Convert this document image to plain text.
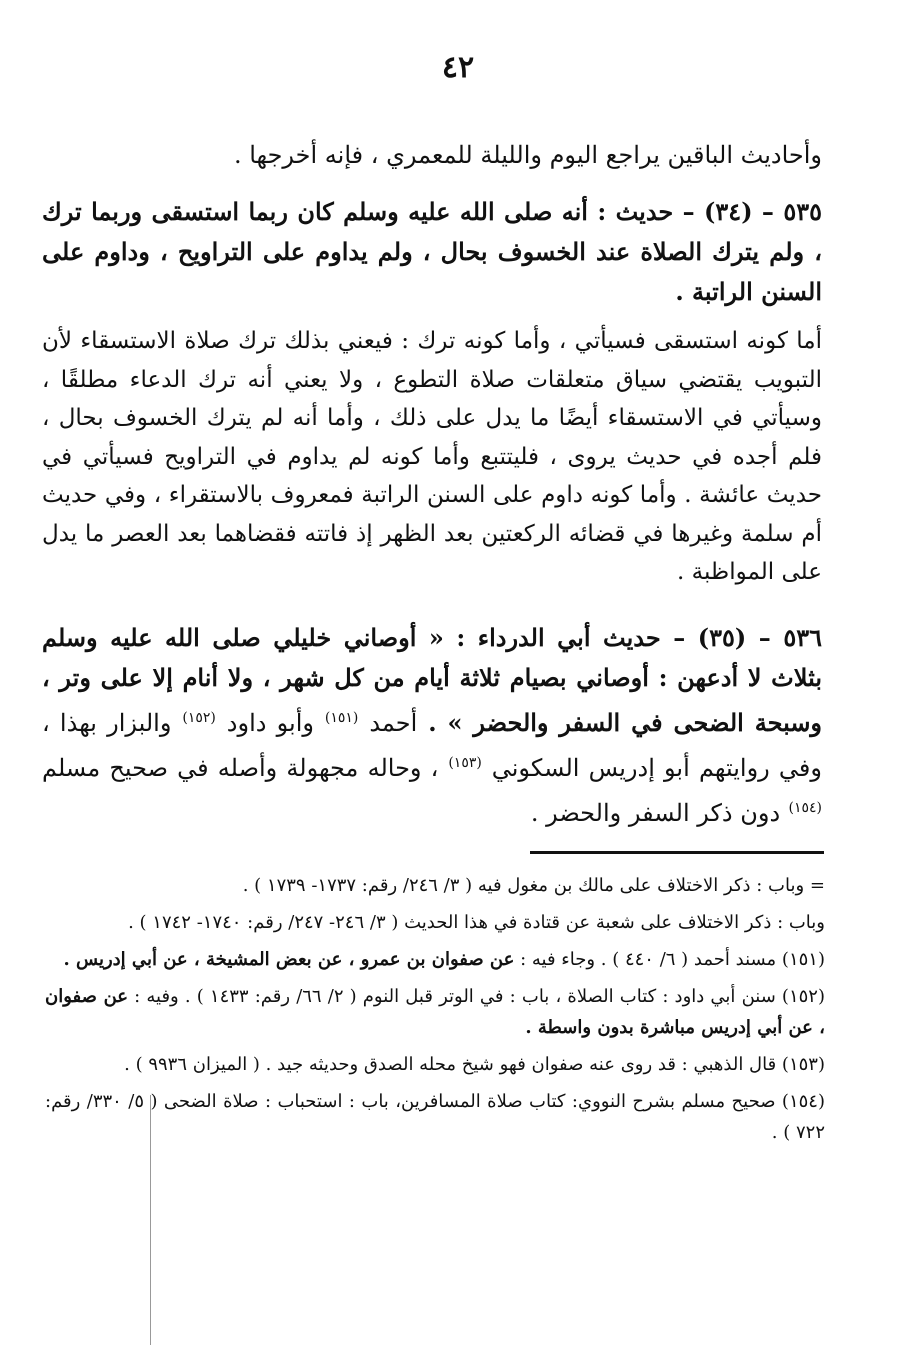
٤٢

وأحاديث الباقين يراجع اليوم والليلة للمعمري ، فإنه أخرجها .

٥٣٥ – (٣٤) – حديث : أنه صلى الله عليه وسلم كان ربما استسقى وربما ترك ، ولم يترك الصلاة عند الخسوف بحال ، ولم يداوم على التراويح ، وداوم على السنن الراتبة .

أما كونه استسقى فسيأتي ، وأما كونه ترك : فيعني بذلك ترك صلاة الاستسقاء لأن التبويب يقتضي سياق متعلقات صلاة التطوع ، ولا يعني أنه ترك الدعاء مطلقًا ، وسيأتي في الاستسقاء أيضًا ما يدل على ذلك ، وأما أنه لم يترك الخسوف بحال ، فلم أجده في حديث يروى ، فليتتبع وأما كونه لم يداوم في التراويح فسيأتي في حديث عائشة . وأما كونه داوم على السنن الراتبة فمعروف بالاستقراء ، وفي حديث أم سلمة وغيرها في قضائه الركعتين بعد الظهر إذ فاتته فقضاهما بعد العصر ما يدل على المواظبة .

٥٣٦ – (٣٥) – حديث أبي الدرداء : « أوصاني خليلي صلى الله عليه وسلم بثلاث لا أدعهن : أوصاني بصيام ثلاثة أيام من كل شهر ، ولا أنام إلا على وتر ، وسبحة الضحى في السفر والحضر » . أحمد $^{(١٥١)}$ وأبو داود $^{(١٥٢)}$ والبزار بهذا ، وفي روايتهم أبو إدريس السكوني $^{(١٥٣)}$ ، وحاله مجهولة وأصله في صحيح مسلم $^{(١٥٤)}$ دون ذكر السفر والحضر .

= وباب : ذكر الاختلاف على مالك بن مغول فيه ( ٣/ ٢٤٦/ رقم: ١٧٣٧- ١٧٣٩ ) .

وباب : ذكر الاختلاف على شعبة عن قتادة في هذا الحديث ( ٣/ ٢٤٦- ٢٤٧/ رقم: ١٧٤٠- ١٧٤٢ ) .

(١٥١) مسند أحمد ( ٦/ ٤٤٠ ) . وجاء فيه : عن صفوان بن عمرو ، عن بعض المشيخة ، عن أبي إدريس .

(١٥٢) سنن أبي داود : كتاب الصلاة ، باب : في الوتر قبل النوم ( ٢/ ٦٦/ رقم: ١٤٣٣ ) . وفيه : عن صفوان ، عن أبي إدريس مباشرة بدون واسطة .

(١٥٣) قال الذهبي : قد روى عنه صفوان فهو شيخ محله الصدق وحديثه جيد . ( الميزان ٩٩٣٦ ) .

(١٥٤) صحيح مسلم بشرح النووي: كتاب صلاة المسافرين، باب : استحباب : صلاة الضحى ( ٥/ ٣٣٠/ رقم: ٧٢٢ ) .
